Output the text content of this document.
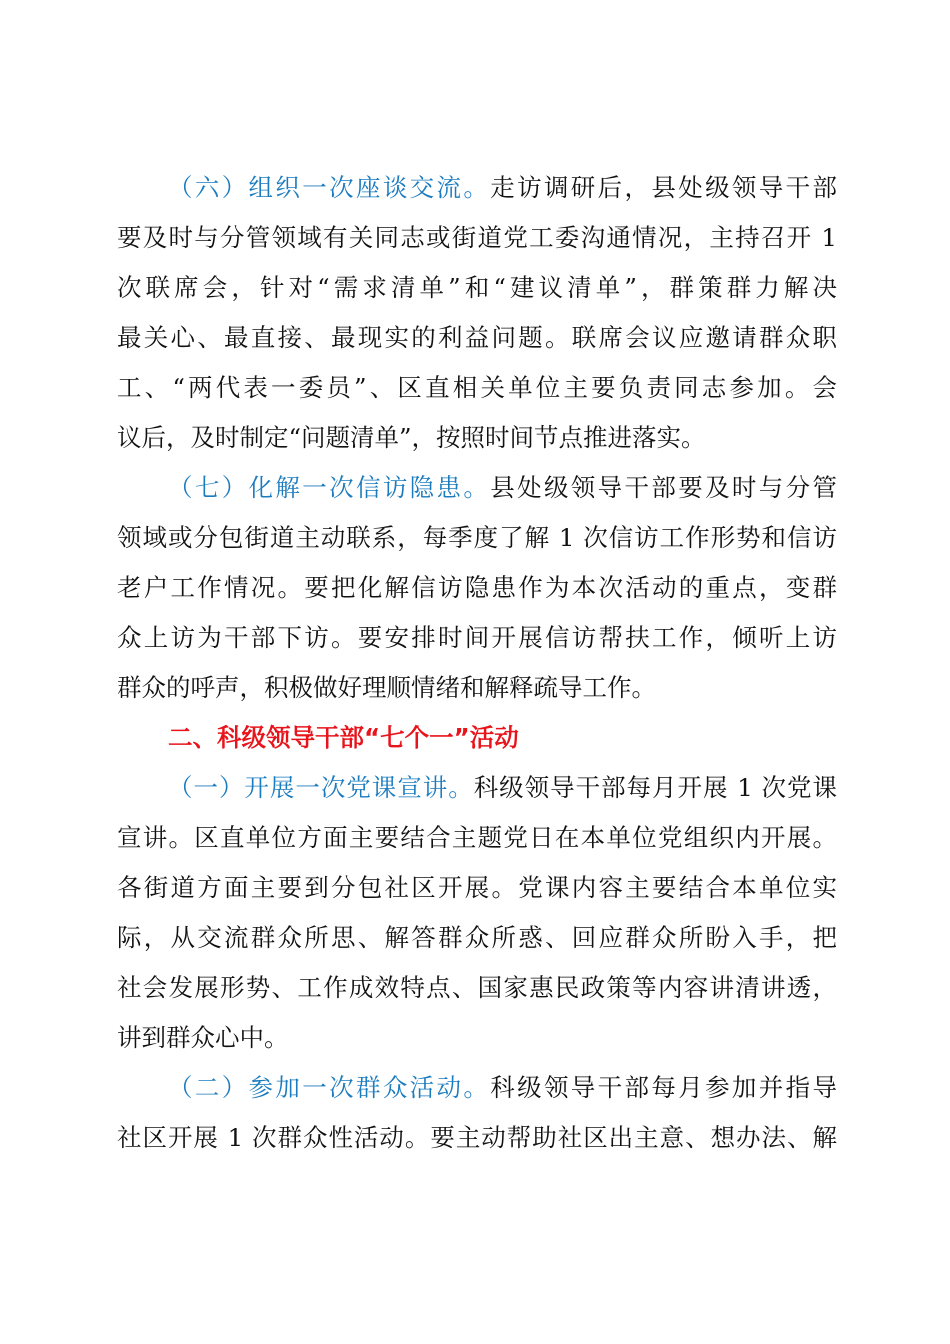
（六）组织一次座谈交流。走访调研后，县处级领导干部
要及时与分管领域有关同志或街道党工委沟通情况，主持召开 1
次联席会，针对“需求清单”和“建议清单”，群策群力解决
最关心、最直接、最现实的利益问题。联席会议应邀请群众职
工、“两代表一委员”、区直相关单位主要负责同志参加。会
议后，及时制定“问题清单”，按照时间节点推进落实。
（七）化解一次信访隐患。县处级领导干部要及时与分管
领域或分包街道主动联系，每季度了解 1 次信访工作形势和信访
老户工作情况。要把化解信访隐患作为本次活动的重点，变群
众上访为干部下访。要安排时间开展信访帮扶工作，倾听上访
群众的呼声，积极做好理顺情绪和解释疏导工作。
二、科级领导干部“七个一”活动
（一）开展一次党课宣讲。科级领导干部每月开展 1 次党课
宣讲。区直单位方面主要结合主题党日在本单位党组织内开展。
各街道方面主要到分包社区开展。党课内容主要结合本单位实
际，从交流群众所思、解答群众所惑、回应群众所盼入手，把
社会发展形势、工作成效特点、国家惠民政策等内容讲清讲透，
讲到群众心中。
（二）参加一次群众活动。科级领导干部每月参加并指导
社区开展 1 次群众性活动。要主动帮助社区出主意、想办法、解
